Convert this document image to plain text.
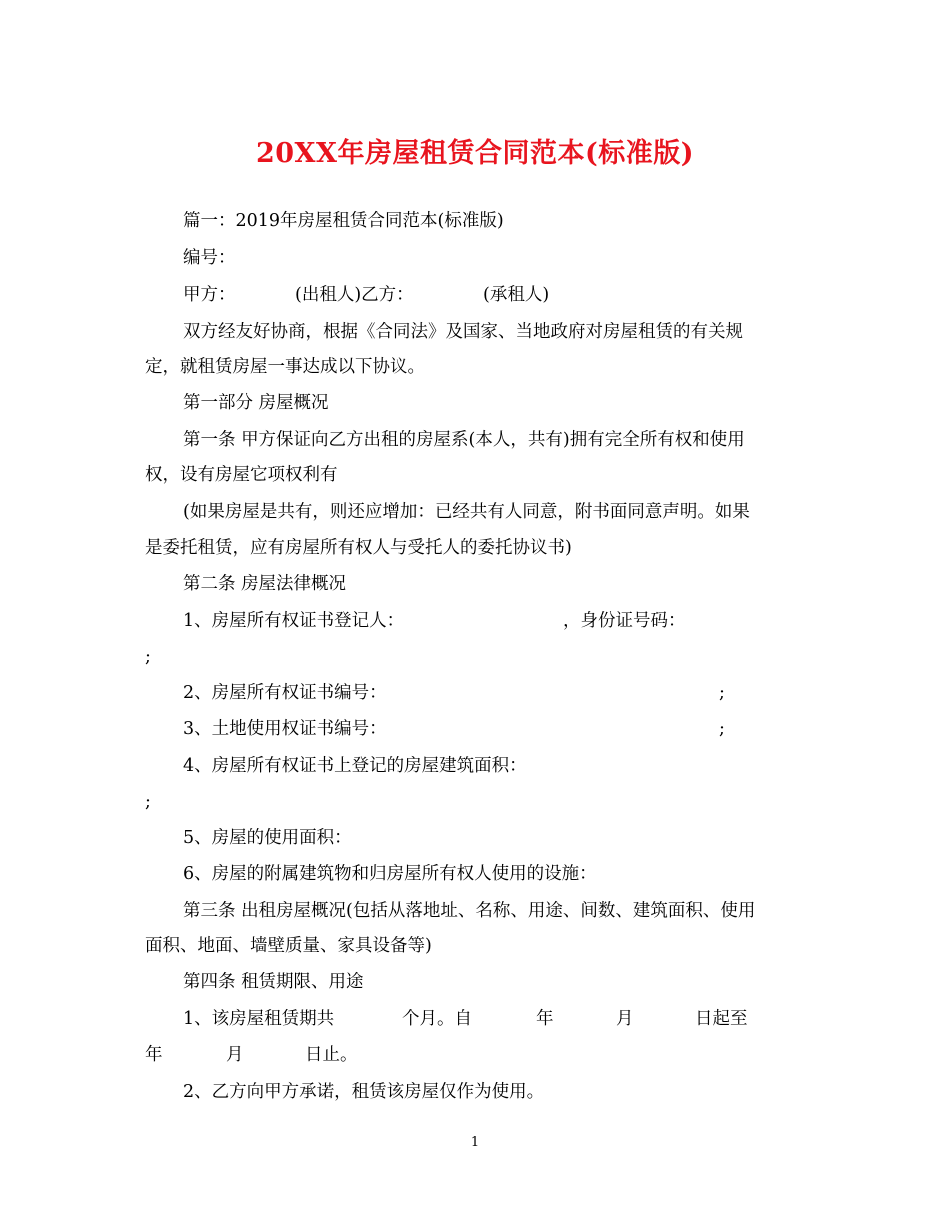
20XX年房屋租赁合同范本(标准版)
篇一：2019年房屋租赁合同范本(标准版)
编号：
甲方：	(出租人)乙方：	(承租人)
双方经友好协商，根据《合同法》及国家、当地政府对房屋租赁的有关规
定，就租赁房屋一事达成以下协议。
第一部分 房屋概况
第一条 甲方保证向乙方出租的房屋系(本人，共有)拥有完全所有权和使用
权，设有房屋它项权利有
(如果房屋是共有，则还应增加：已经共有人同意，附书面同意声明。如果
是委托租赁，应有房屋所有权人与受托人的委托协议书)
第二条 房屋法律概况
1、房屋所有权证书登记人：	，身份证号码：
;
2、房屋所有权证书编号：	;
3、土地使用权证书编号：	;
4、房屋所有权证书上登记的房屋建筑面积：
;
5、房屋的使用面积：
6、房屋的附属建筑物和归房屋所有权人使用的设施：
第三条 出租房屋概况(包括从落地址、名称、用途、间数、建筑面积、使用
面积、地面、墙壁质量、家具设备等)
第四条 租赁期限、用途
1、该房屋租赁期共	个月。自	年	月	日起至
年	月	日止。
2、乙方向甲方承诺，租赁该房屋仅作为使用。
1
